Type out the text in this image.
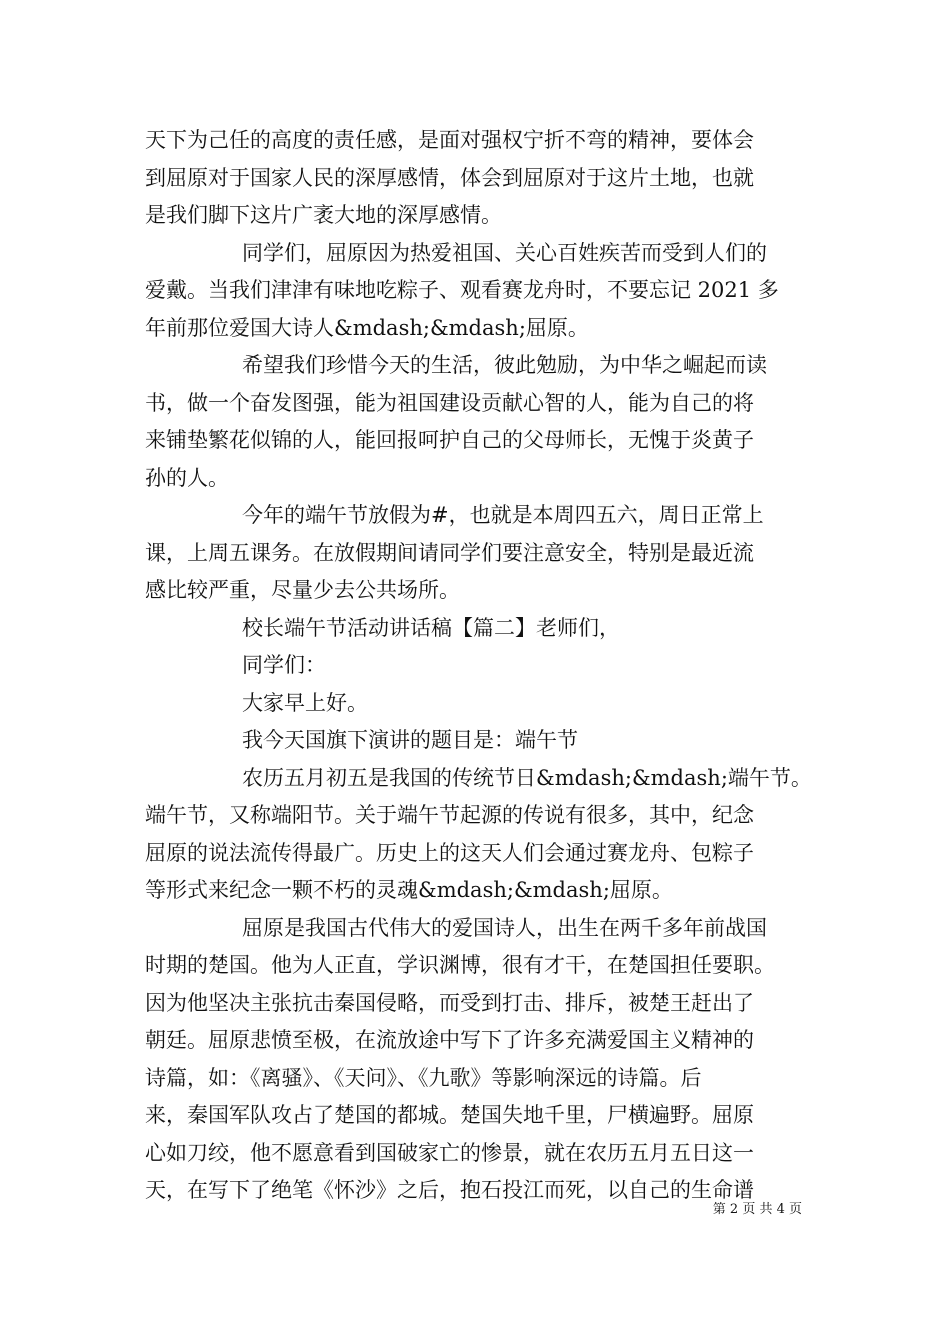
天下为己任的高度的责任感，是面对强权宁折不弯的精神，要体会
到屈原对于国家人民的深厚感情，体会到屈原对于这片土地，也就
是我们脚下这片广袤大地的深厚感情。
同学们，屈原因为热爱祖国、关心百姓疾苦而受到人们的
爱戴。当我们津津有味地吃粽子、观看赛龙舟时，不要忘记 2021 多
年前那位爱国大诗人&mdash;&mdash;屈原。
希望我们珍惜今天的生活，彼此勉励，为中华之崛起而读
书，做一个奋发图强，能为祖国建设贡献心智的人，能为自己的将
来铺垫繁花似锦的人，能回报呵护自己的父母师长，无愧于炎黄子
孙的人。
今年的端午节放假为#，也就是本周四五六，周日正常上
课，上周五课务。在放假期间请同学们要注意安全，特别是最近流
感比较严重，尽量少去公共场所。
校长端午节活动讲话稿【篇二】老师们，
同学们：
大家早上好。
我今天国旗下演讲的题目是：端午节
农历五月初五是我国的传统节日&mdash;&mdash;端午节。
端午节，又称端阳节。关于端午节起源的传说有很多，其中，纪念
屈原的说法流传得最广。历史上的这天人们会通过赛龙舟、包粽子
等形式来纪念一颗不朽的灵魂&mdash;&mdash;屈原。
屈原是我国古代伟大的爱国诗人，出生在两千多年前战国
时期的楚国。他为人正直，学识渊博，很有才干，在楚国担任要职。
因为他坚决主张抗击秦国侵略，而受到打击、排斥，被楚王赶出了
朝廷。屈原悲愤至极，在流放途中写下了许多充满爱国主义精神的
诗篇，如：《离骚》、《天问》、《九歌》等影响深远的诗篇。后
来，秦国军队攻占了楚国的都城。楚国失地千里，尸横遍野。屈原
心如刀绞，他不愿意看到国破家亡的惨景，就在农历五月五日这一
天，在写下了绝笔《怀沙》之后，抱石投江而死，以自己的生命谱
第 2 页 共 4 页
